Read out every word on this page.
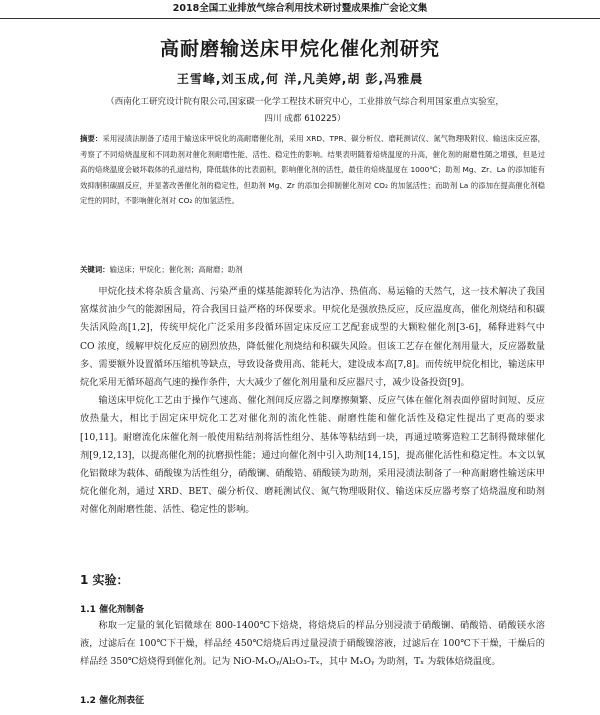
2018全国工业排放气综合利用技术研讨暨成果推广会论文集
高耐磨输送床甲烷化催化剂研究
王雪峰,刘玉成,何 洋,凡美婷,胡 彭,冯雅晨
（西南化工研究设计院有限公司,国家碳一化学工程技术研究中心，工业排放气综合利用国家重点实验室，
四川 成都 610225）
摘要：采用浸渍法制备了适用于输送床甲烷化的高耐磨催化剂，采用 XRD、TPR、碳分析仪、磨耗测试仪、氮气物理吸附仪、输送床反应器，考察了不同焙烧温度和不同助剂对催化剂耐磨性能、活性、稳定性的影响。结果表明随着焙烧温度的升高，催化剂的耐磨性随之增强，但是过高的焙烧温度会破坏载体的孔道结构，降低载体的比表面积，影响催化剂的活性，最佳的焙烧温度在 1000℃；助剂 Mg、Zr、La 的添加能有效抑制积碳副反应，并显著改善催化剂的稳定性，但助剂 Mg、Zr 的添加会抑制催化剂对 CO₂ 的加氢活性；而助剂 La 的添加在提高催化剂稳定性的同时，不影响催化剂对 CO₂ 的加氢活性。
关键词：输送床；甲烷化；催化剂；高耐磨；助剂

甲烷化技术将杂质含量高、污染严重的煤基能源转化为洁净、热值高、易运输的天然气，这一技术解决了我国富煤贫油少气的能源困局，符合我国日益严格的环保要求。甲烷化是强放热反应，反应温度高，催化剂烧结和积碳失活风险高[1,2]，传统甲烷化广泛采用多段循环固定床反应工艺配套成型的大颗粒催化剂[3-6]，稀释进料气中 CO 浓度，缓解甲烷化反应的剧烈放热，降低催化剂烧结和积碳失风险。但该工艺存在催化剂用量大，反应器数量多、需要额外设置循环压缩机等缺点，导致设备费用高、能耗大，建设成本高[7,8]。而传统甲烷化相比，输送床甲烷化采用无循环超高气速的操作条件，大大减少了催化剂用量和反应器尺寸，减少设备投资[9]。

输送床甲烷化工艺由于操作气速高、催化剂间反应器之间摩擦频繁、反应气体在催化剂表面停留时间短、反应放热量大，相比于固定床甲烷化工艺对催化剂的流化性能、耐磨性能和催化活性及稳定性提出了更高的要求[10,11]。耐磨流化床催化剂一般使用粘结剂将活性组分、基体等粘结到一块，再通过喷雾造粒工艺制得微球催化剂[9,12,13]，以提高催化剂的抗磨损性能；通过向催化剂中引入助剂[14,15]，提高催化活性和稳定性。本文以氧化铝微球为载体、硝酸镍为活性组分，硝酸镧、硝酸锆、硝酸镁为助剂，采用浸渍法制备了一种高耐磨性输送床甲烷化催化剂，通过 XRD、BET、碳分析仪、磨耗测试仪、氮气物理吸附仪、输送床反应器考察了焙烧温度和助剂对催化剂耐磨性能、活性、稳定性的影响。

1 实验：
1.1 催化剂制备

称取一定量的氧化铝微球在 800-1400℃下焙烧，将焙烧后的样品分别浸渍于硝酸镧、硝酸锆、硝酸镁水溶液，过滤后在 100℃下干燥，样品经 450℃焙烧后再过量浸渍于硝酸镍溶液，过滤后在 100℃下干燥，干燥后的样品经 350℃焙烧得到催化剂。记为 NiO-MₓOᵧ/Al₂O₃-Tₓ，其中 MₓOᵧ 为助剂，Tₓ 为载体焙烧温度。

1.2 催化剂表征
